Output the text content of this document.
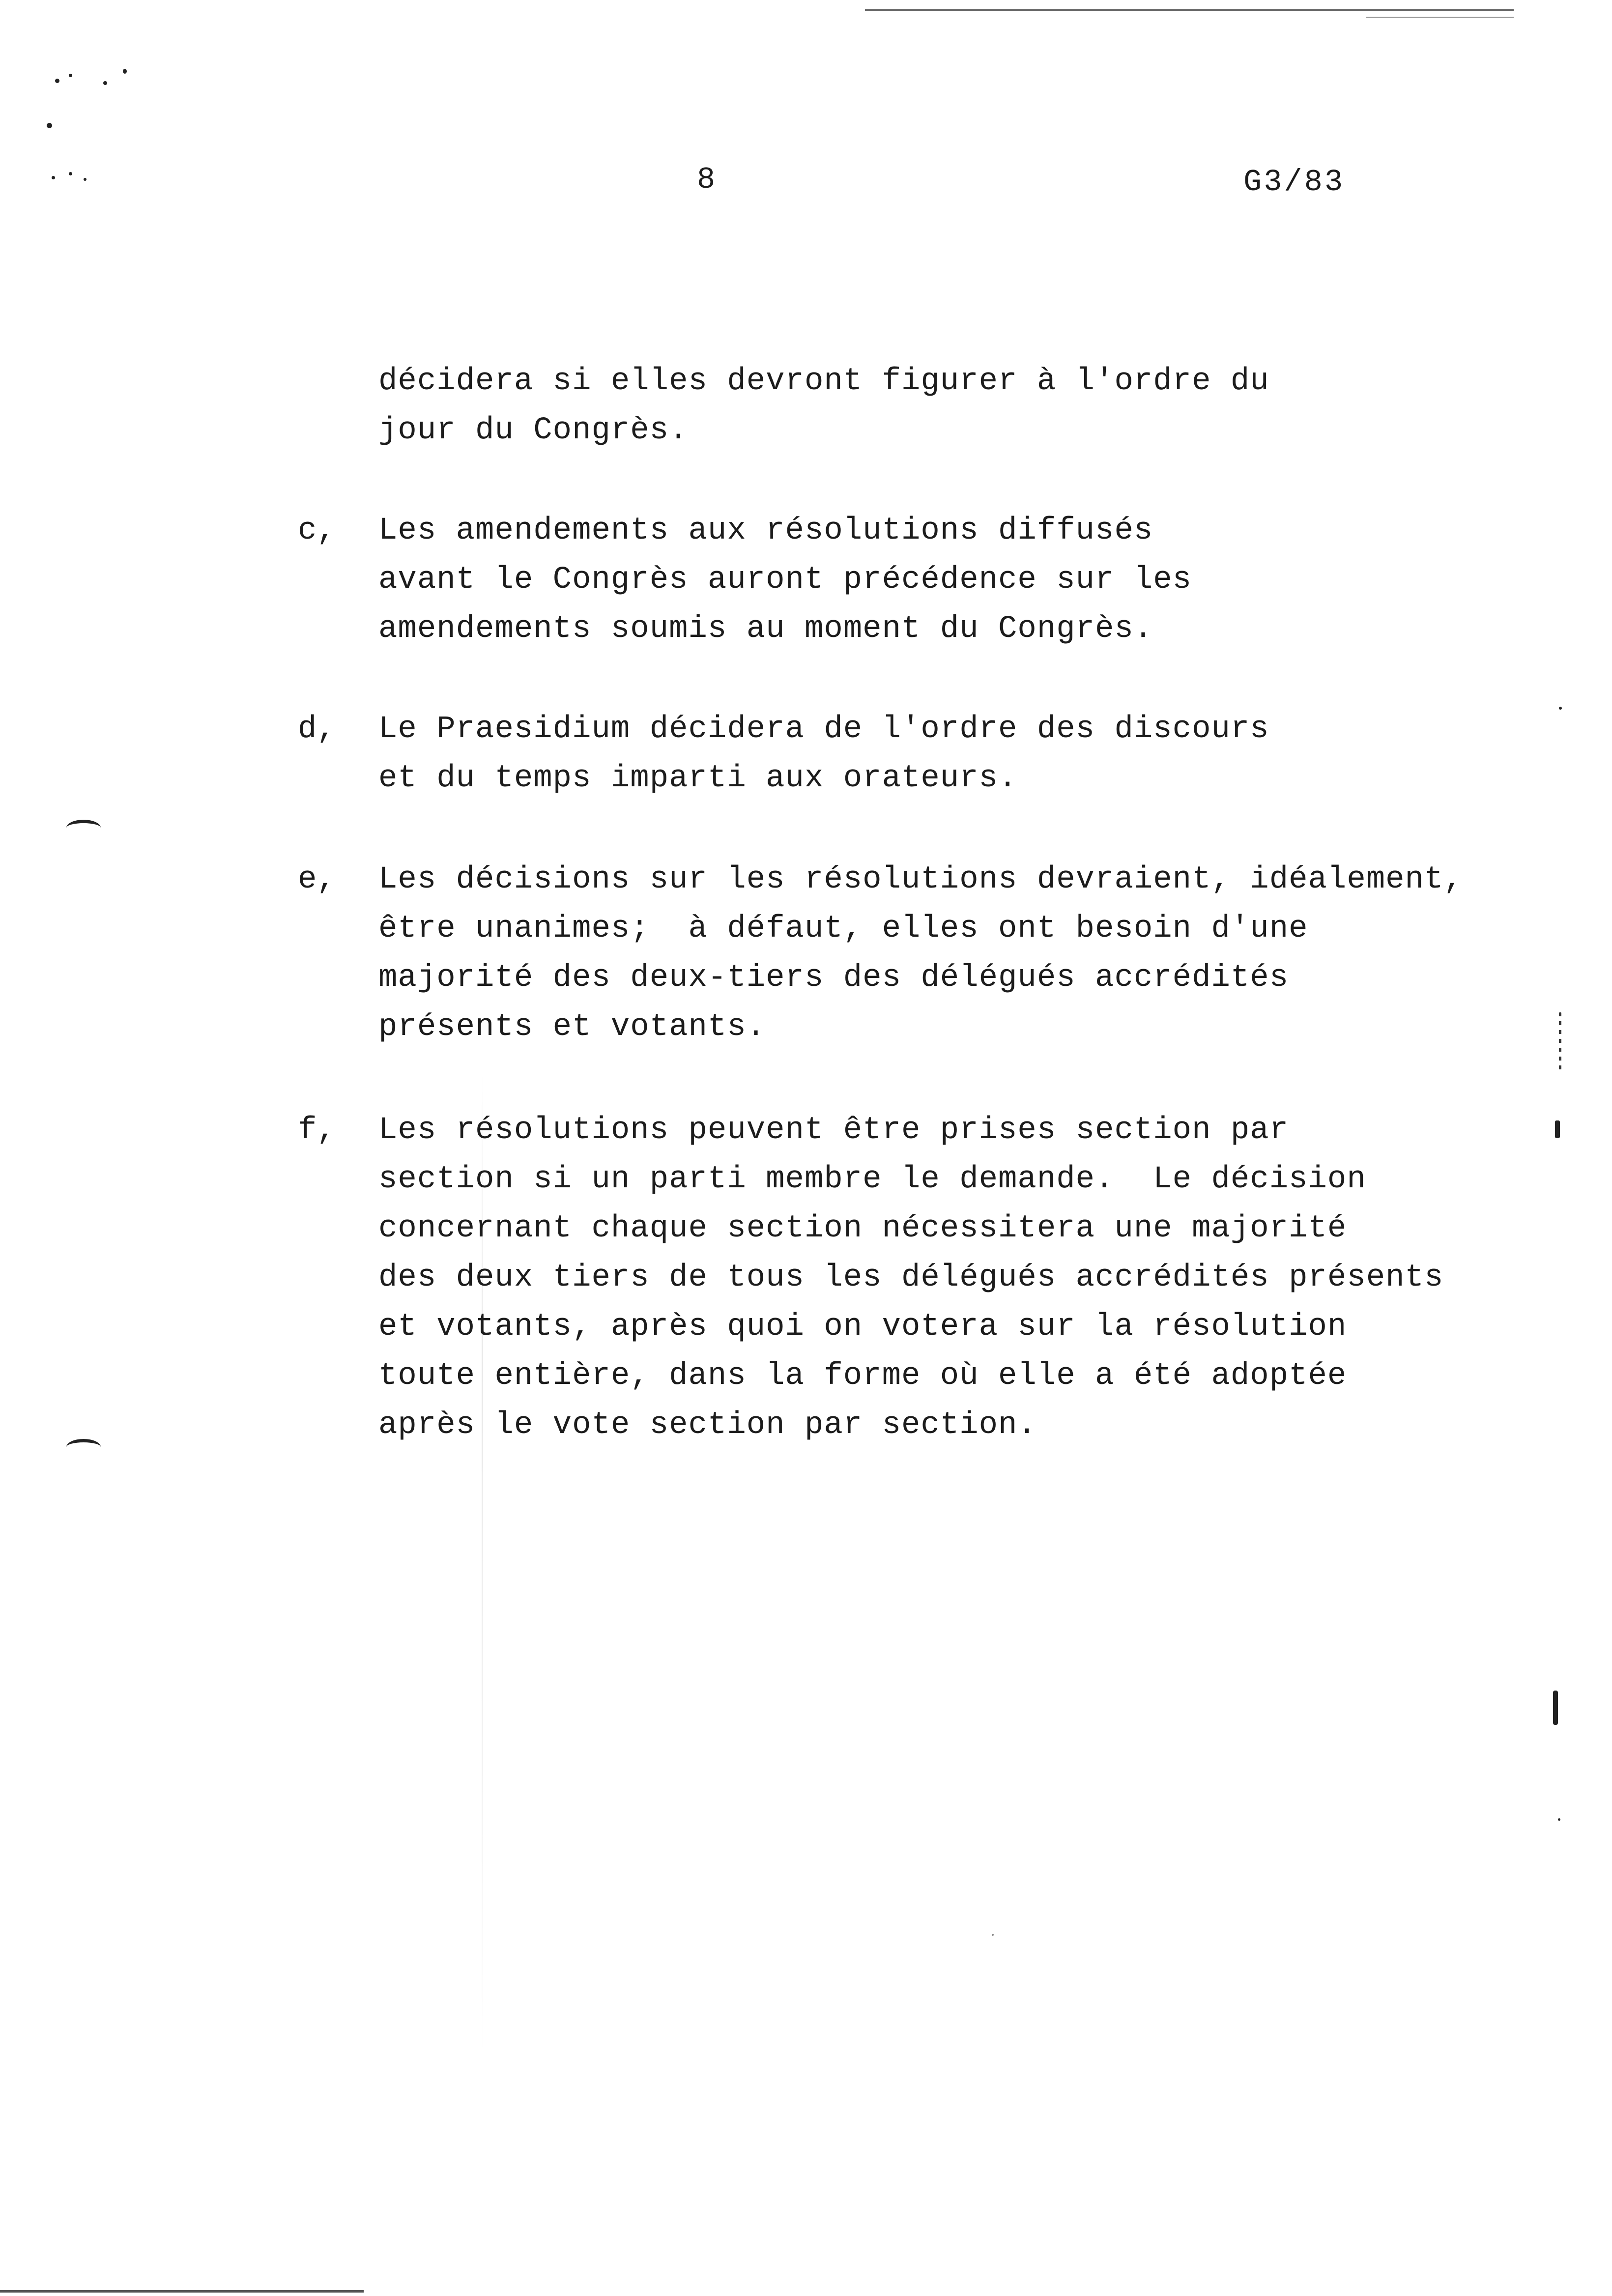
8	G3/83
décidera si elles devront figurer à l'ordre du
jour du Congrès.
c, Les amendements aux résolutions diffusés
avant le Congrès auront précédence sur les
amendements soumis au moment du Congrès.
d, Le Praesidium décidera de l'ordre des discours
et du temps imparti aux orateurs.
e, Les décisions sur les résolutions devraient, idéalement,
être unanimes;  à défaut, elles ont besoin d'une
majorité des deux-tiers des délégués accrédités
présents et votants.
f, Les résolutions peuvent être prises section par
section si un parti membre le demande.  Le décision
concernant chaque section nécessitera une majorité
des deux tiers de tous les délégués accrédités présents
et votants, après quoi on votera sur la résolution
toute entière, dans la forme où elle a été adoptée
après le vote section par section.
